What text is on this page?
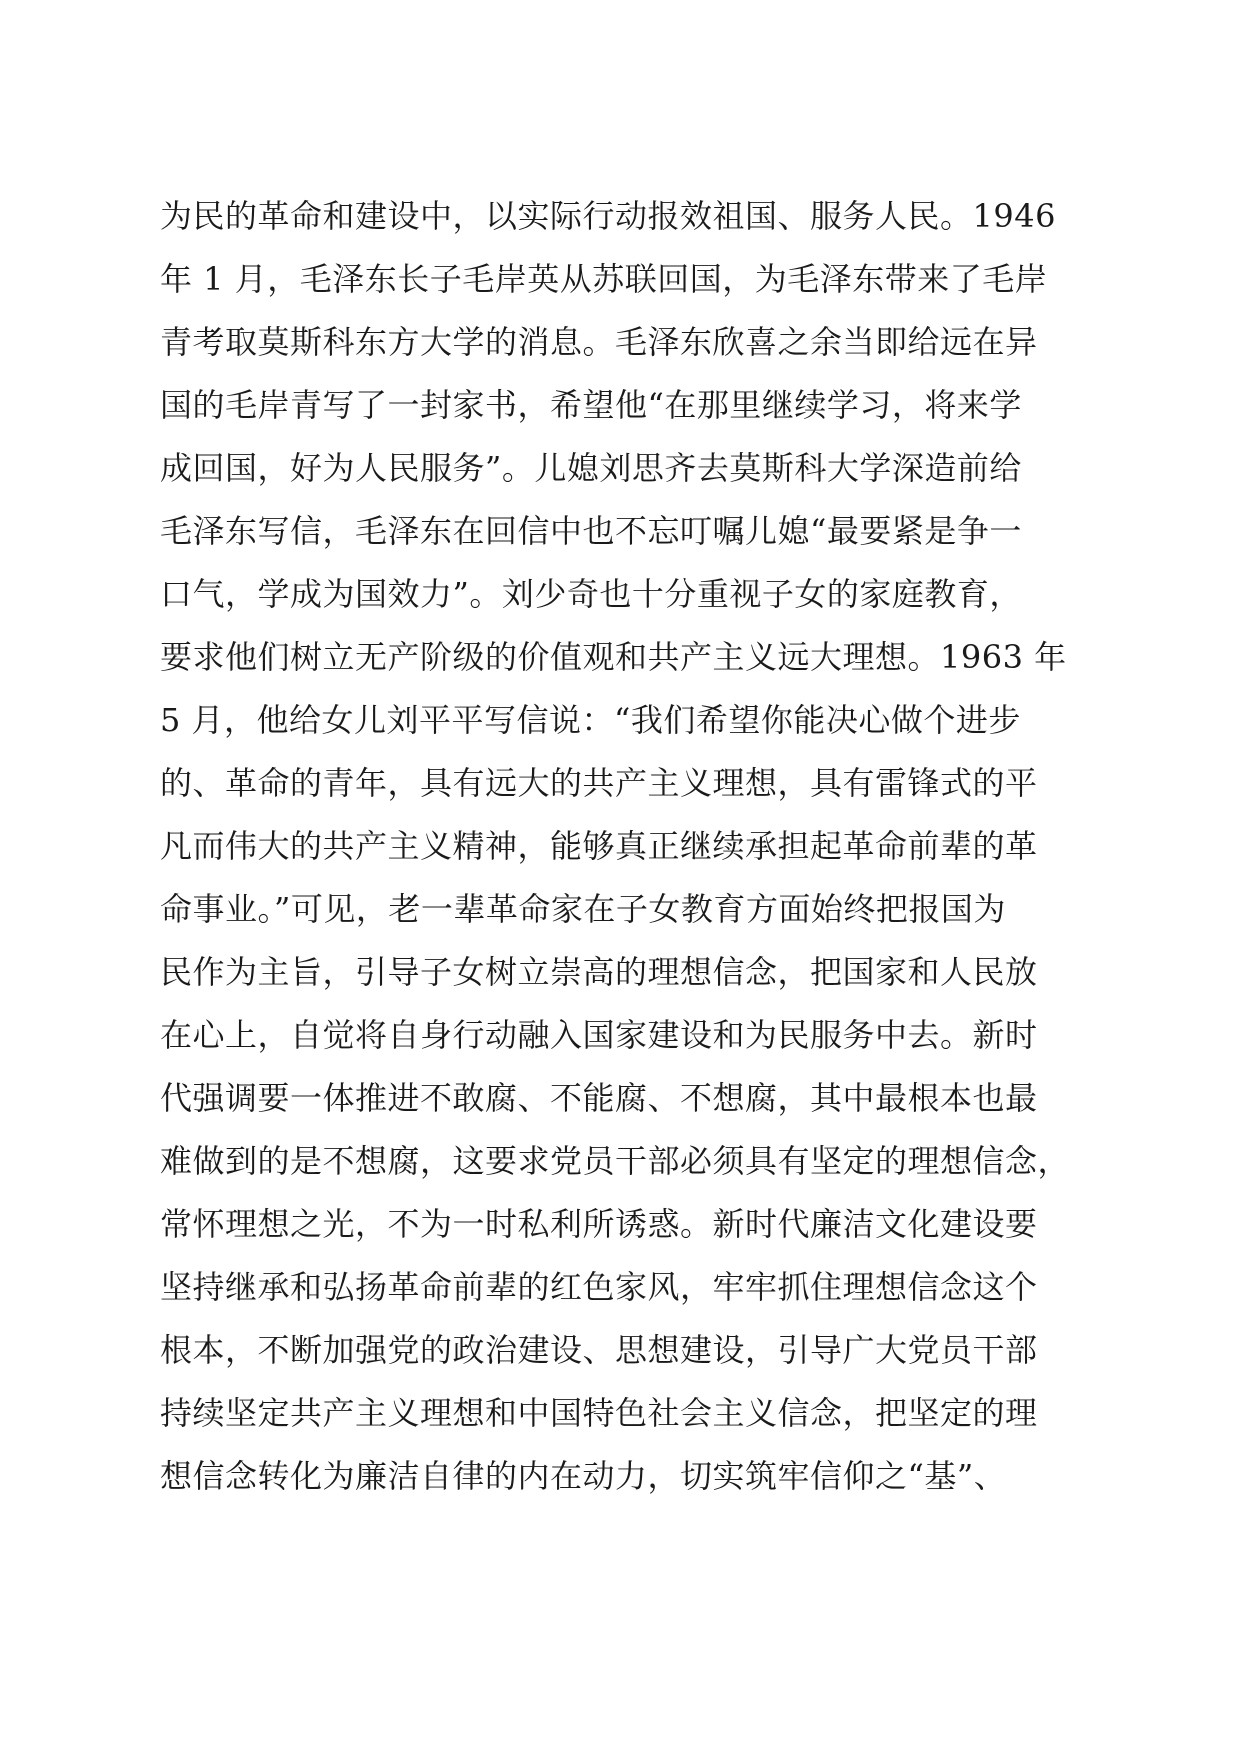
为民的革命和建设中，以实际行动报效祖国、服务人民。1946
年 1 月，毛泽东长子毛岸英从苏联回国，为毛泽东带来了毛岸
青考取莫斯科东方大学的消息。毛泽东欣喜之余当即给远在异
国的毛岸青写了一封家书，希望他“在那里继续学习，将来学
成回国，好为人民服务”。儿媳刘思齐去莫斯科大学深造前给
毛泽东写信，毛泽东在回信中也不忘叮嘱儿媳“最要紧是争一
口气，学成为国效力”。刘少奇也十分重视子女的家庭教育，
要求他们树立无产阶级的价值观和共产主义远大理想。1963 年
5 月，他给女儿刘平平写信说：“我们希望你能决心做个进步
的、革命的青年，具有远大的共产主义理想，具有雷锋式的平
凡而伟大的共产主义精神，能够真正继续承担起革命前辈的革
命事业。”可见，老一辈革命家在子女教育方面始终把报国为
民作为主旨，引导子女树立崇高的理想信念，把国家和人民放
在心上，自觉将自身行动融入国家建设和为民服务中去。新时
代强调要一体推进不敢腐、不能腐、不想腐，其中最根本也最
难做到的是不想腐，这要求党员干部必须具有坚定的理想信念，
常怀理想之光，不为一时私利所诱惑。新时代廉洁文化建设要
坚持继承和弘扬革命前辈的红色家风，牢牢抓住理想信念这个
根本，不断加强党的政治建设、思想建设，引导广大党员干部
持续坚定共产主义理想和中国特色社会主义信念，把坚定的理
想信念转化为廉洁自律的内在动力，切实筑牢信仰之“基”、
